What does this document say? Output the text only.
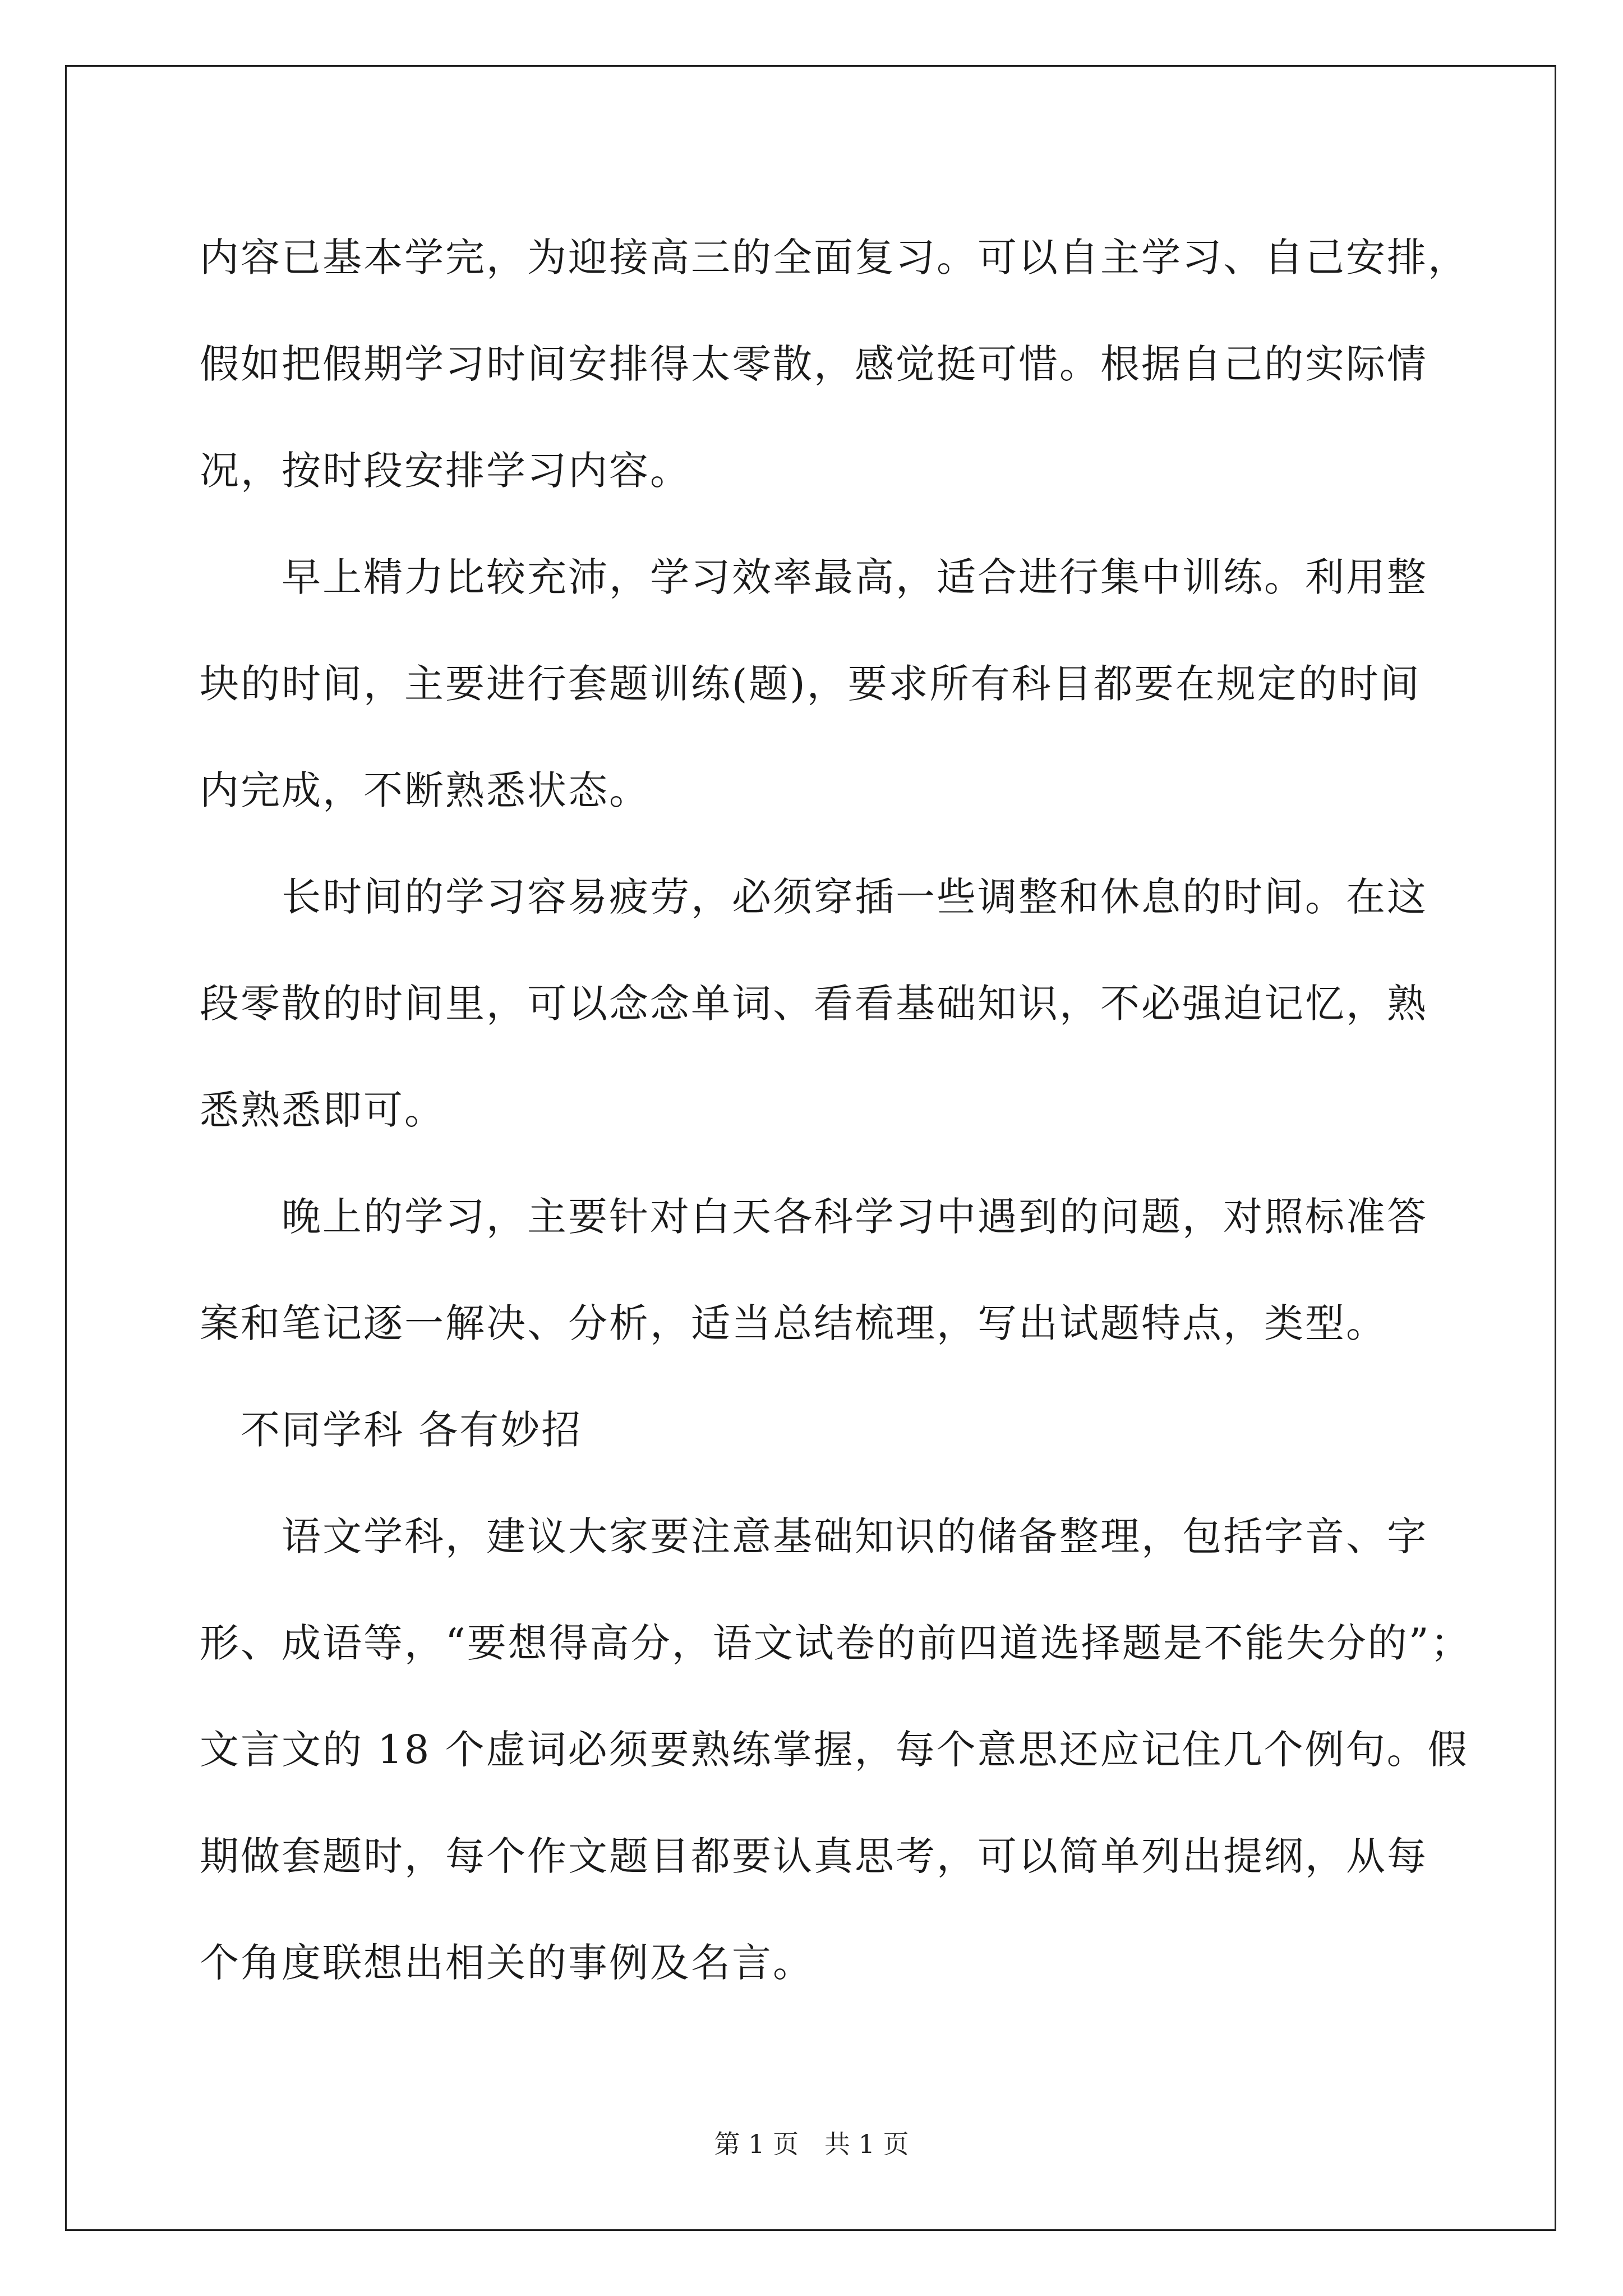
内容已基本学完，为迎接高三的全面复习。可以自主学习、自己安排，
假如把假期学习时间安排得太零散，感觉挺可惜。根据自己的实际情
况，按时段安排学习内容。

早上精力比较充沛，学习效率最高，适合进行集中训练。利用整
块的时间，主要进行套题训练(题)，要求所有科目都要在规定的时间
内完成，不断熟悉状态。

长时间的学习容易疲劳，必须穿插一些调整和休息的时间。在这
段零散的时间里，可以念念单词、看看基础知识，不必强迫记忆，熟
悉熟悉即可。

晚上的学习，主要针对白天各科学习中遇到的问题，对照标准答
案和笔记逐一解决、分析，适当总结梳理，写出试题特点，类型。

不同学科 各有妙招

语文学科，建议大家要注意基础知识的储备整理，包括字音、字
形、成语等，“要想得高分，语文试卷的前四道选择题是不能失分的”；
文言文的 18 个虚词必须要熟练掌握，每个意思还应记住几个例句。假
期做套题时，每个作文题目都要认真思考，可以简单列出提纲，从每
个角度联想出相关的事例及名言。

第 1 页　共 1 页
